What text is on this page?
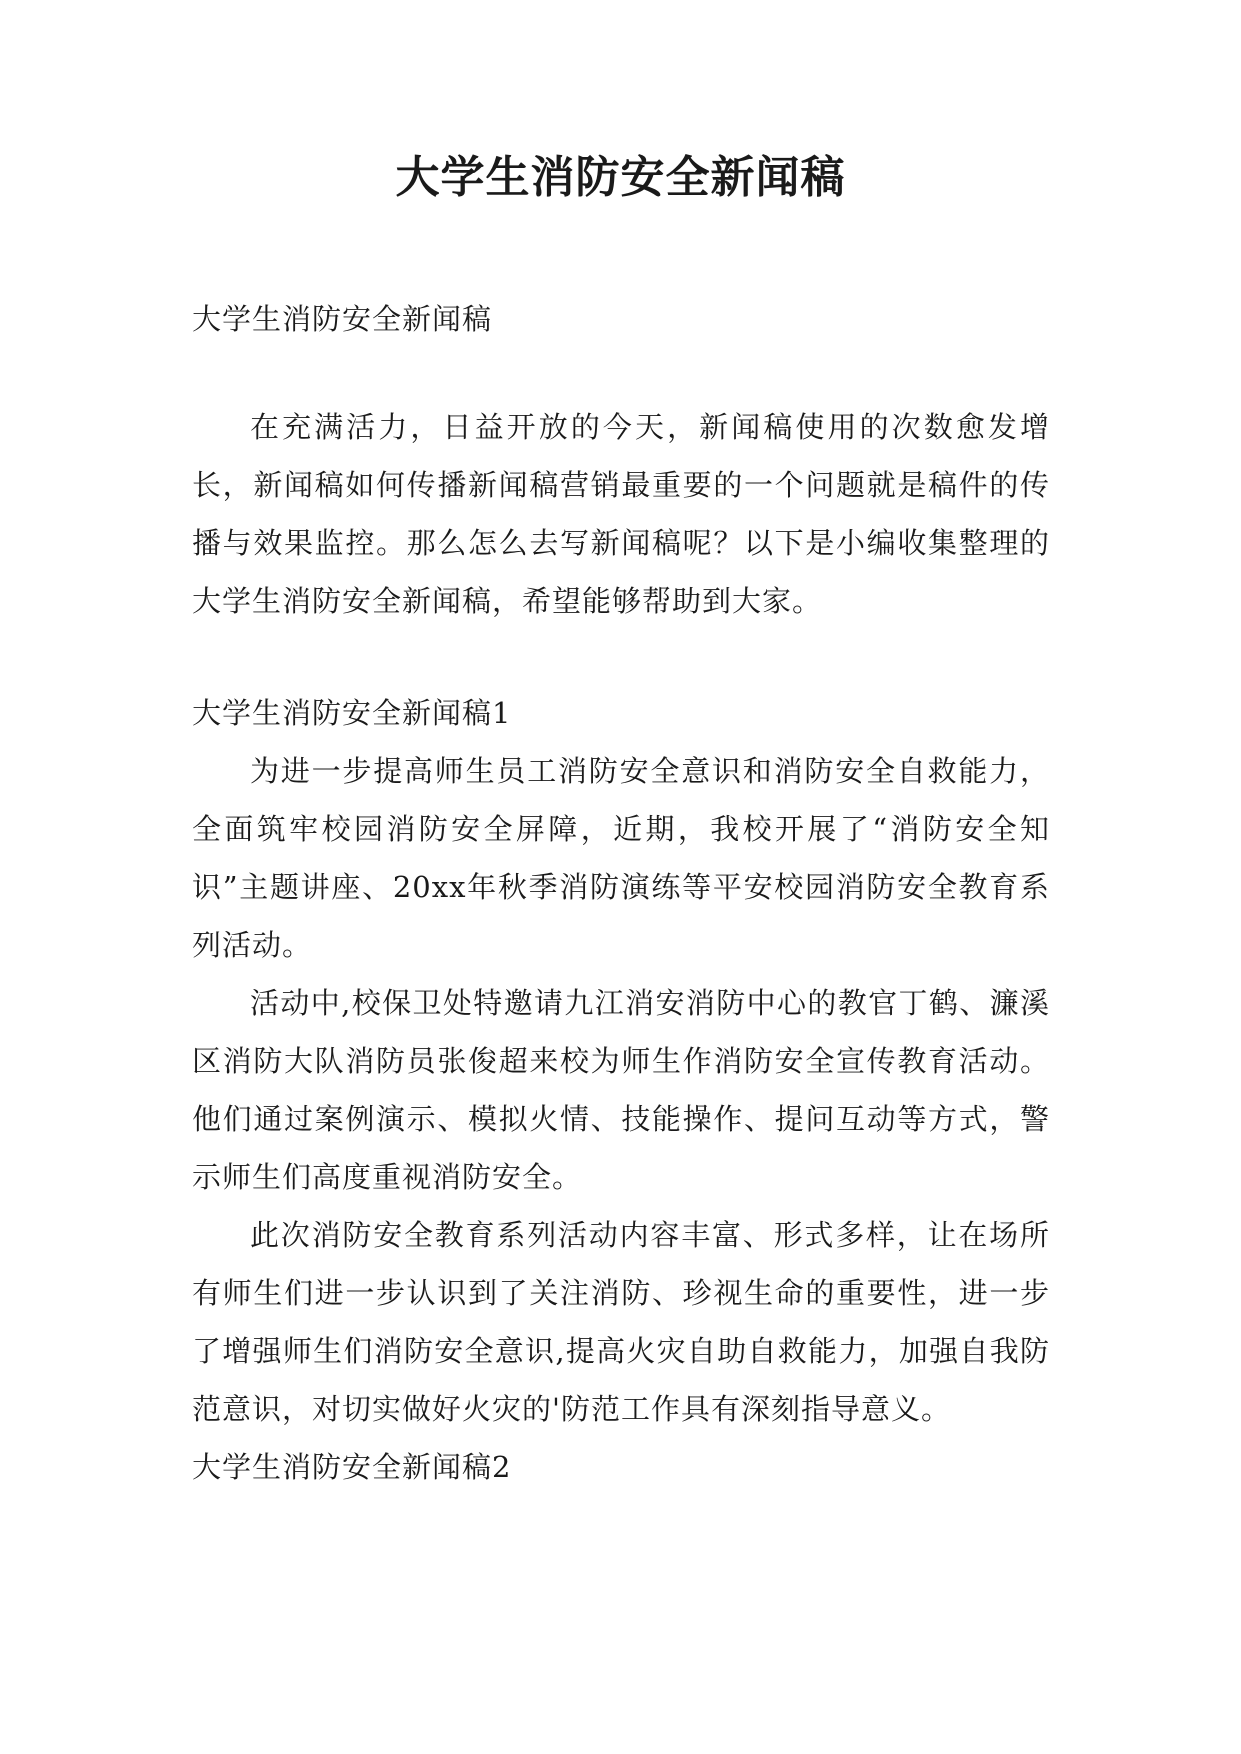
大学生消防安全新闻稿

大学生消防安全新闻稿

在充满活力，日益开放的今天，新闻稿使用的次数愈发增长，新闻稿如何传播新闻稿营销最重要的一个问题就是稿件的传播与效果监控。那么怎么去写新闻稿呢？以下是小编收集整理的大学生消防安全新闻稿，希望能够帮助到大家。

大学生消防安全新闻稿1

为进一步提高师生员工消防安全意识和消防安全自救能力，全面筑牢校园消防安全屏障，近期，我校开展了“消防安全知识”主题讲座、20xx年秋季消防演练等平安校园消防安全教育系列活动。

活动中,校保卫处特邀请九江消安消防中心的教官丁鹤、濂溪区消防大队消防员张俊超来校为师生作消防安全宣传教育活动。他们通过案例演示、模拟火情、技能操作、提问互动等方式，警示师生们高度重视消防安全。

此次消防安全教育系列活动内容丰富、形式多样，让在场所有师生们进一步认识到了关注消防、珍视生命的重要性，进一步了增强师生们消防安全意识,提高火灾自助自救能力，加强自我防范意识，对切实做好火灾的'防范工作具有深刻指导意义。

大学生消防安全新闻稿2
